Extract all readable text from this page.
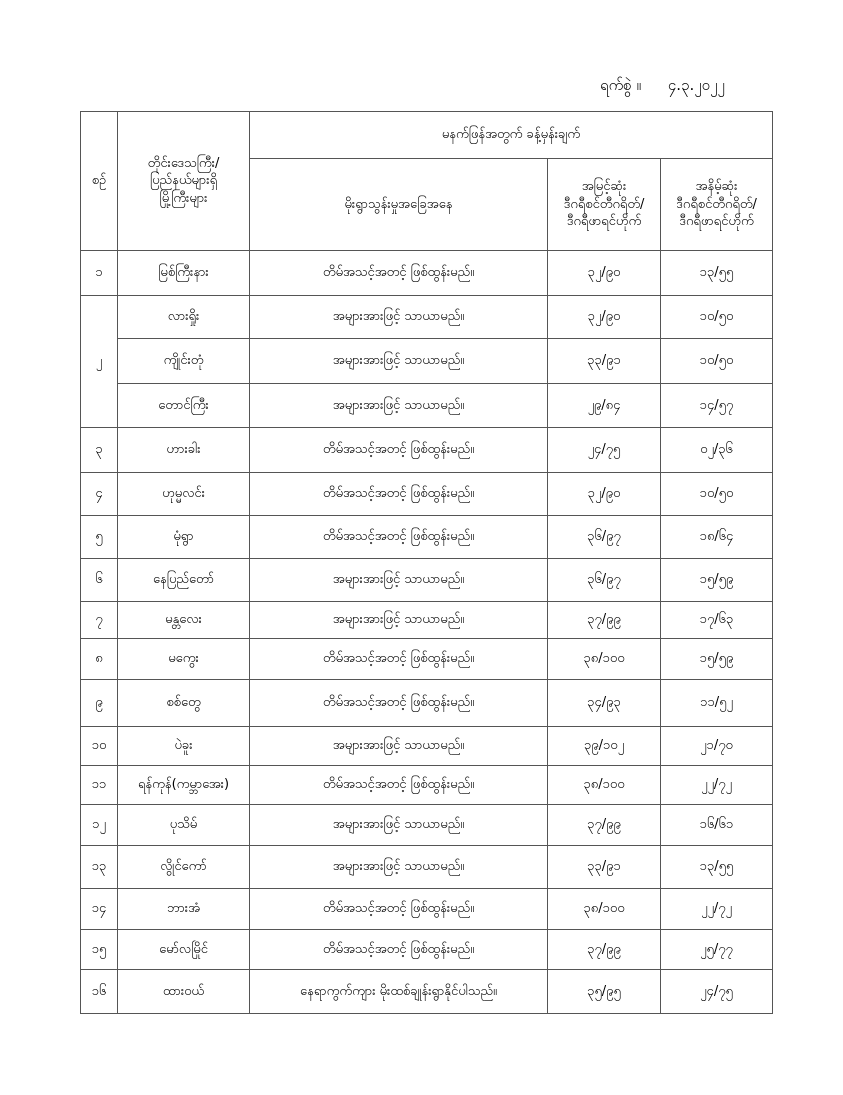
ရက်စွဲ ။ ၄.၃.၂၀၂၂
စဉ်	တိုင်းဒေသကြီး/
ပြည်နယ်များရှိ
မြို့ကြီးများ	မနက်ဖြန်အတွက် ခန့်မှန်းချက်		
		မိုးရွာသွန်းမှုအခြေအနေ	အမြင့်ဆုံး
ဒီဂရီစင်တီဂရိတ်/
ဒီဂရီဖာရင်ဟိုက်	အနိမ့်ဆုံး
ဒီဂရီစင်တီဂရိတ်/
ဒီဂရီဖာရင်ဟိုက်

၁	မြစ်ကြီးနား	တိမ်အသင့်အတင့် ဖြစ်ထွန်းမည်။	၃၂/၉၀	၁၃/၅၅
၂	လားရှိုး	အများအားဖြင့် သာယာမည်။	၃၂/၉၀	၁၀/၅၀
	ကျိုင်းတုံ	အများအားဖြင့် သာယာမည်။	၃၃/၉၁	၁၀/၅၀
	တောင်ကြီး	အများအားဖြင့် သာယာမည်။	၂၉/၈၄	၁၄/၅၇
၃	ဟားခါး	တိမ်အသင့်အတင့် ဖြစ်ထွန်းမည်။	၂၄/၇၅	၀၂/၃၆
၄	ဟုမ္မလင်း	တိမ်အသင့်အတင့် ဖြစ်ထွန်းမည်။	၃၂/၉၀	၁၀/၅၀
၅	မုံရွာ	တိမ်အသင့်အတင့် ဖြစ်ထွန်းမည်။	၃၆/၉၇	၁၈/၆၄
၆	နေပြည်တော်	အများအားဖြင့် သာယာမည်။	၃၆/၉၇	၁၅/၅၉
၇	မန္တလေး	အများအားဖြင့် သာယာမည်။	၃၇/၉၉	၁၇/၆၃
၈	မကွေး	တိမ်အသင့်အတင့် ဖြစ်ထွန်းမည်။	၃၈/၁၀၀	၁၅/၅၉
၉	စစ်တွေ	တိမ်အသင့်အတင့် ဖြစ်ထွန်းမည်။	၃၄/၉၃	၁၁/၅၂
၁၀	ပဲခူး	အများအားဖြင့် သာယာမည်။	၃၉/၁၀၂	၂၁/၇၀
၁၁	ရန်ကုန်(ကမ္ဘာအေး)	တိမ်အသင့်အတင့် ဖြစ်ထွန်းမည်။	၃၈/၁၀၀	၂၂/၇၂
၁၂	ပုသိမ်	အများအားဖြင့် သာယာမည်။	၃၇/၉၉	၁၆/၆၁
၁၃	လွိုင်ကော်	အများအားဖြင့် သာယာမည်။	၃၃/၉၁	၁၃/၅၅
၁၄	ဘားအံ	တိမ်အသင့်အတင့် ဖြစ်ထွန်းမည်။	၃၈/၁၀၀	၂၂/၇၂
၁၅	မော်လမြိုင်	တိမ်အသင့်အတင့် ဖြစ်ထွန်းမည်။	၃၇/၉၉	၂၅/၇၇
၁၆	ထားဝယ်	နေရာကွက်ကျား မိုးထစ်ချုန်းရွာနိုင်ပါသည်။	၃၅/၉၅	၂၄/၇၅
